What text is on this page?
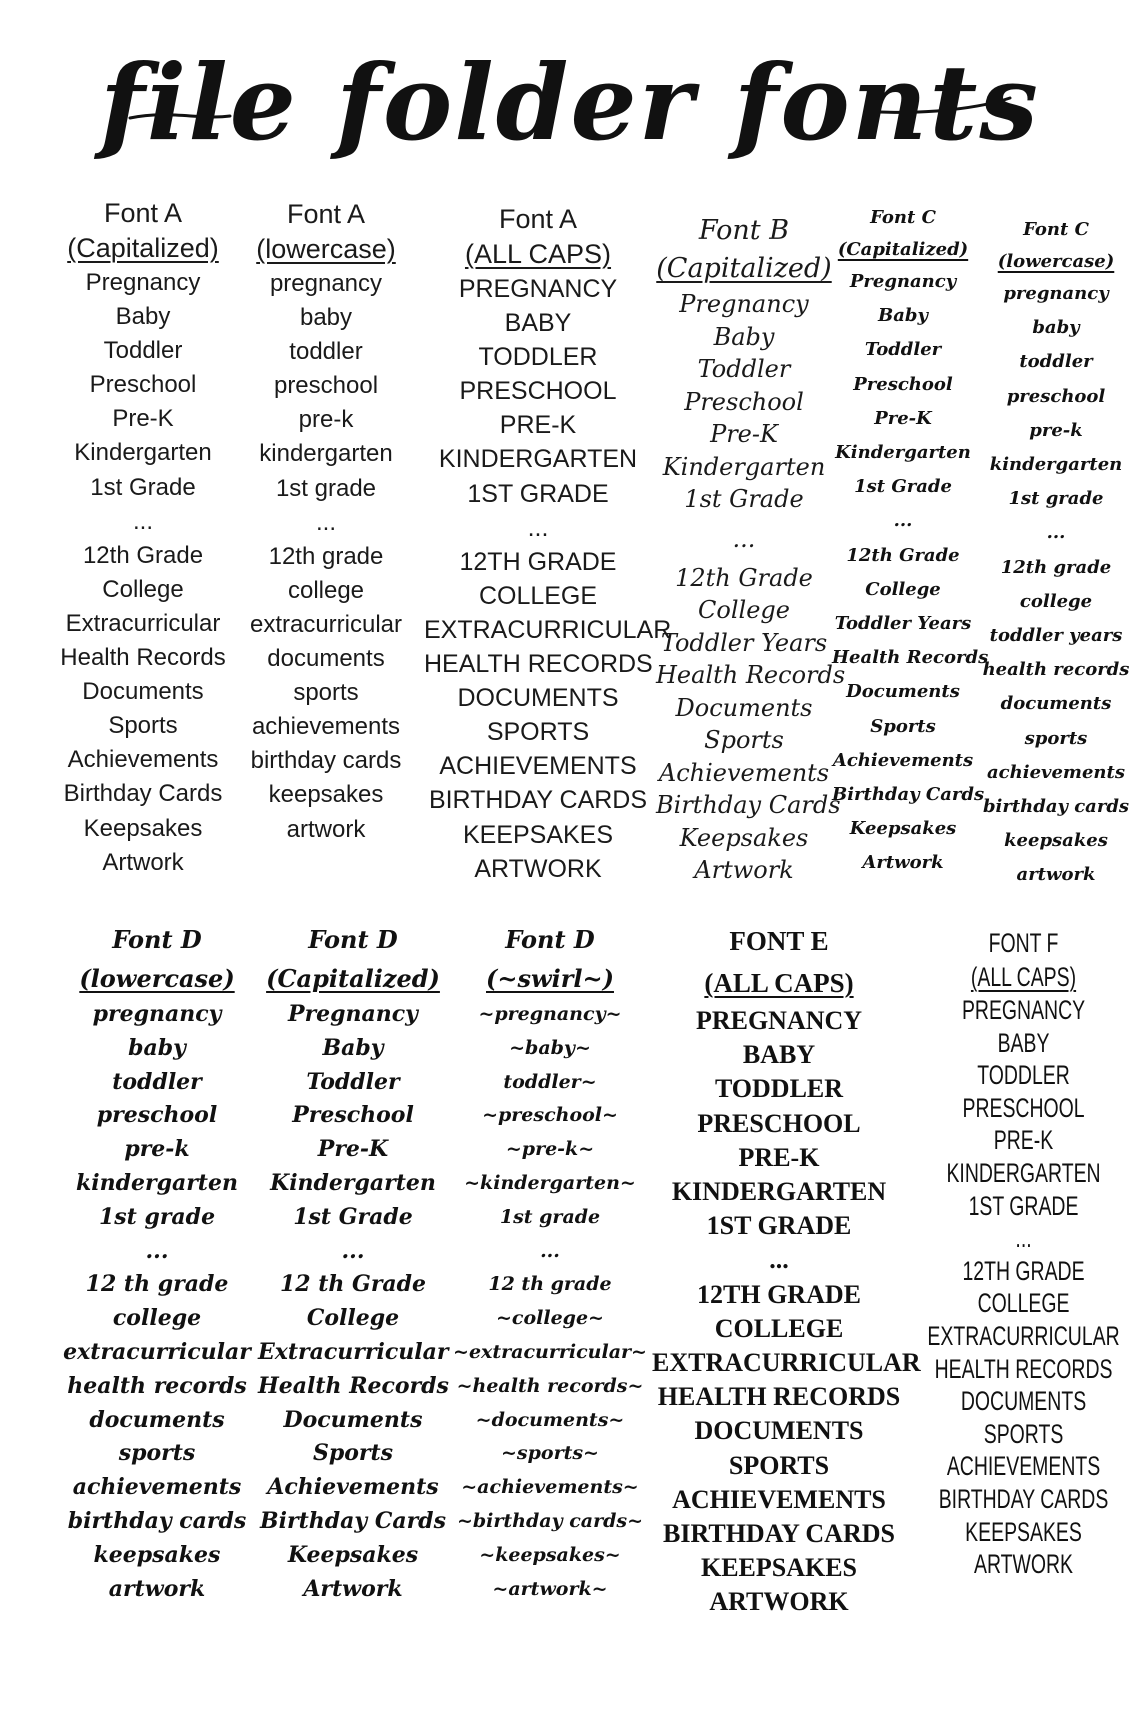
file folder fonts
Font A
(Capitalized)
Pregnancy
Baby
Toddler
Preschool
Pre-K
Kindergarten
1st Grade
...
12th Grade
College
Extracurricular
Health Records
Documents
Sports
Achievements
Birthday Cards
Keepsakes
Artwork
Font A
(lowercase)
pregnancy
baby
toddler
preschool
pre-k
kindergarten
1st grade
...
12th grade
college
extracurricular
documents
sports
achievements
birthday cards
keepsakes
artwork
Font A
(ALL CAPS)
PREGNANCY
BABY
TODDLER
PRESCHOOL
PRE-K
KINDERGARTEN
1ST GRADE
...
12TH GRADE
COLLEGE
EXTRACURRICULAR
HEALTH RECORDS
DOCUMENTS
SPORTS
ACHIEVEMENTS
BIRTHDAY CARDS
KEEPSAKES
ARTWORK
Font B
(Capitalized)
Pregnancy
Baby
Toddler
Preschool
Pre-K
Kindergarten
1st Grade
...
12th Grade
College
Toddler Years
Health Records
Documents
Sports
Achievements
Birthday Cards
Keepsakes
Artwork
Font C
(Capitalized)
Pregnancy
Baby
Toddler
Preschool
Pre-K
Kindergarten
1st Grade
...
12th Grade
College
Toddler Years
Health Records
Documents
Sports
Achievements
Birthday Cards
Keepsakes
Artwork
Font C
(lowercase)
pregnancy
baby
toddler
preschool
pre-k
kindergarten
1st grade
...
12th grade
college
toddler years
health records
documents
sports
achievements
birthday cards
keepsakes
artwork
Font D
(lowercase)
pregnancy
baby
toddler
preschool
pre-k
kindergarten
1st grade
...
12 th grade
college
extracurricular
health records
documents
sports
achievements
birthday cards
keepsakes
artwork
Font D
(Capitalized)
Pregnancy
Baby
Toddler
Preschool
Pre-K
Kindergarten
1st Grade
...
12 th Grade
College
Extracurricular
Health Records
Documents
Sports
Achievements
Birthday Cards
Keepsakes
Artwork
Font D
(~swirl~)
~pregnancy~
~baby~
toddler~
~preschool~
~pre-k~
~kindergarten~
1st grade
...
12 th grade
~college~
~extracurricular~
~health records~
~documents~
~sports~
~achievements~
~birthday cards~
~keepsakes~
~artwork~
FONT E
(ALL CAPS)
PREGNANCY
BABY
TODDLER
PRESCHOOL
PRE-K
KINDERGARTEN
1ST GRADE
...
12TH GRADE
COLLEGE
EXTRACURRICULAR
HEALTH RECORDS
DOCUMENTS
SPORTS
ACHIEVEMENTS
BIRTHDAY CARDS
KEEPSAKES
ARTWORK
FONT F
(ALL CAPS)
PREGNANCY
BABY
TODDLER
PRESCHOOL
PRE-K
KINDERGARTEN
1ST GRADE
...
12TH GRADE
COLLEGE
EXTRACURRICULAR
HEALTH RECORDS
DOCUMENTS
SPORTS
ACHIEVEMENTS
BIRTHDAY CARDS
KEEPSAKES
ARTWORK
